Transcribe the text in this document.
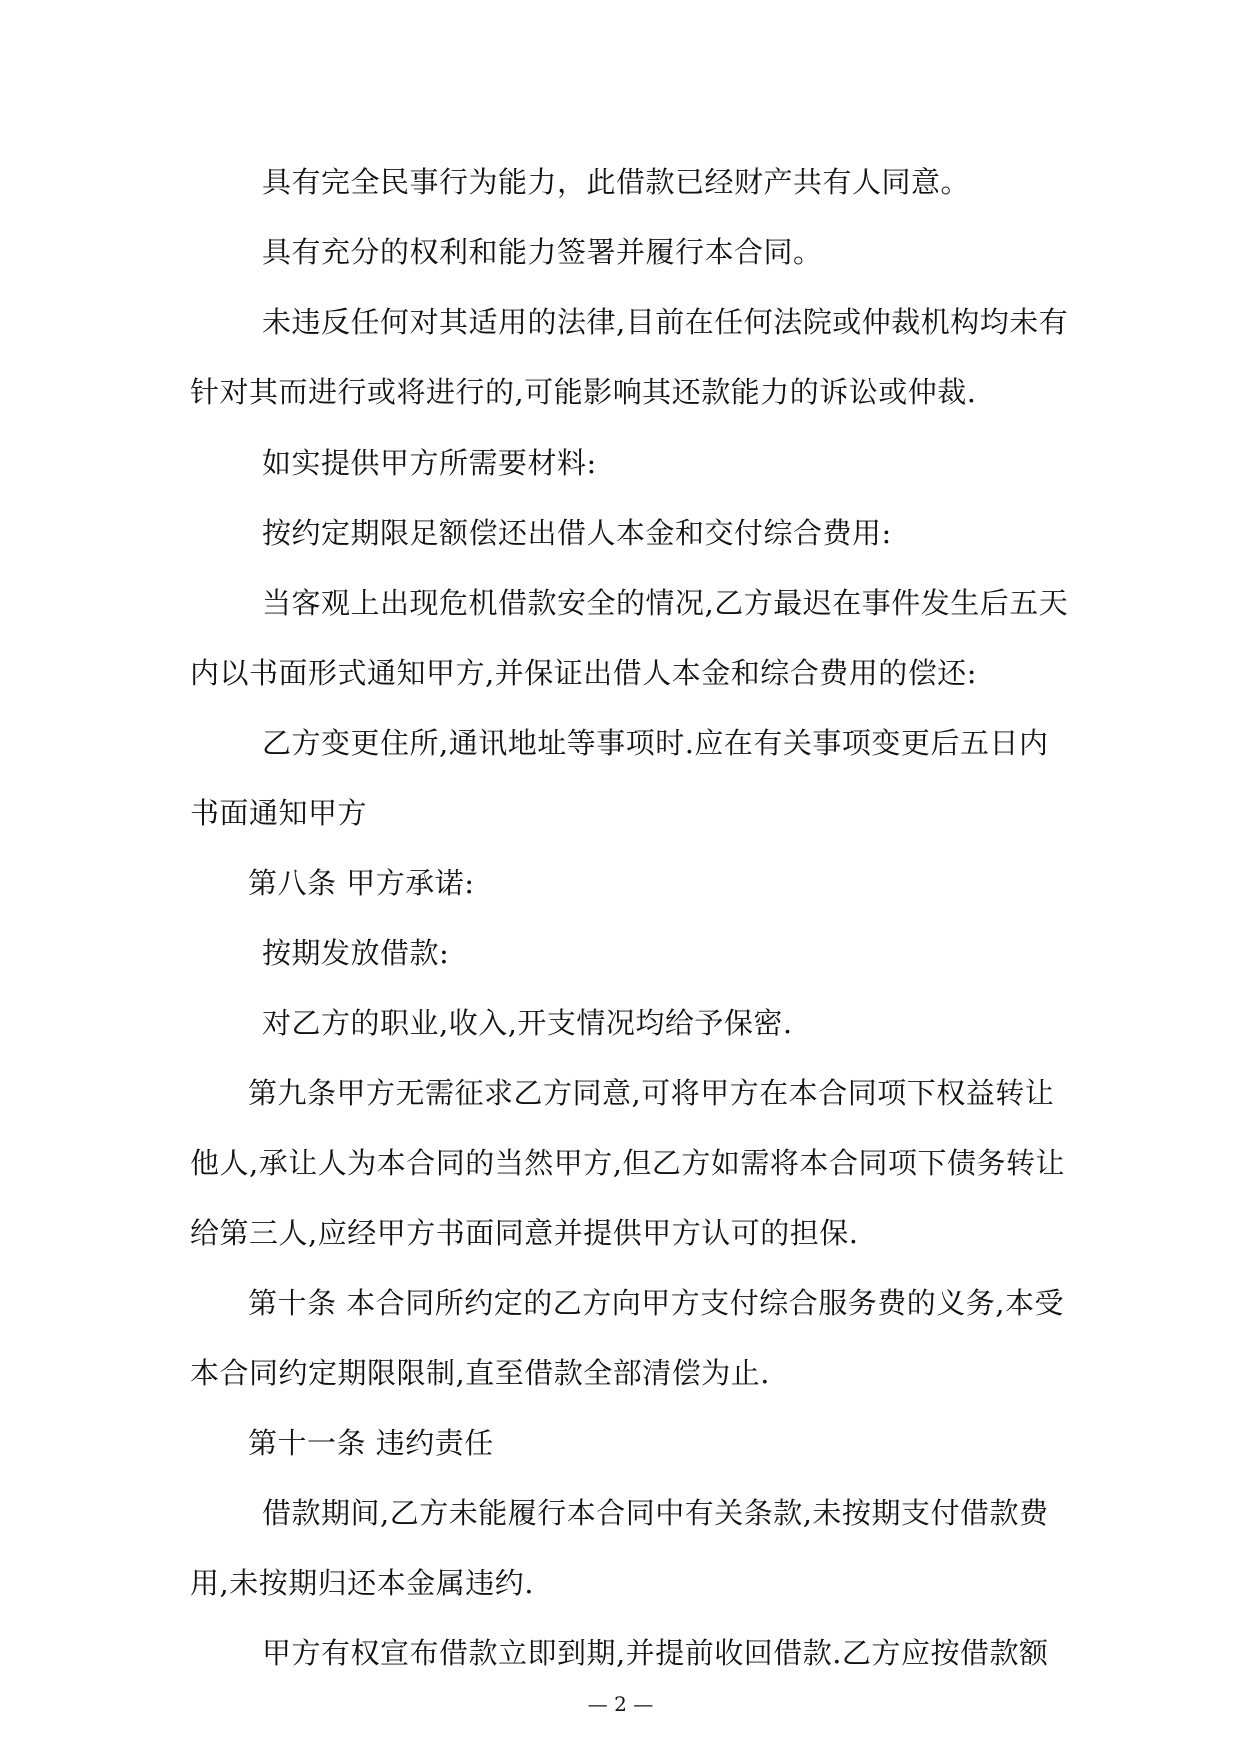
具有完全民事行为能力，此借款已经财产共有人同意。
具有充分的权利和能力签署并履行本合同。
未违反任何对其适用的法律,目前在任何法院或仲裁机构均未有
针对其而进行或将进行的,可能影响其还款能力的诉讼或仲裁.
如实提供甲方所需要材料:
按约定期限足额偿还出借人本金和交付综合费用:
当客观上出现危机借款安全的情况,乙方最迟在事件发生后五天
内以书面形式通知甲方,并保证出借人本金和综合费用的偿还:
乙方变更住所,通讯地址等事项时.应在有关事项变更后五日内
书面通知甲方
第八条 甲方承诺:
按期发放借款:
对乙方的职业,收入,开支情况均给予保密.
第九条甲方无需征求乙方同意,可将甲方在本合同项下权益转让
他人,承让人为本合同的当然甲方,但乙方如需将本合同项下债务转让
给第三人,应经甲方书面同意并提供甲方认可的担保.
第十条 本合同所约定的乙方向甲方支付综合服务费的义务,本受
本合同约定期限限制,直至借款全部清偿为止.
第十一条 违约责任
借款期间,乙方未能履行本合同中有关条款,未按期支付借款费
用,未按期归还本金属违约.
甲方有权宣布借款立即到期,并提前收回借款.乙方应按借款额
— 2 —
